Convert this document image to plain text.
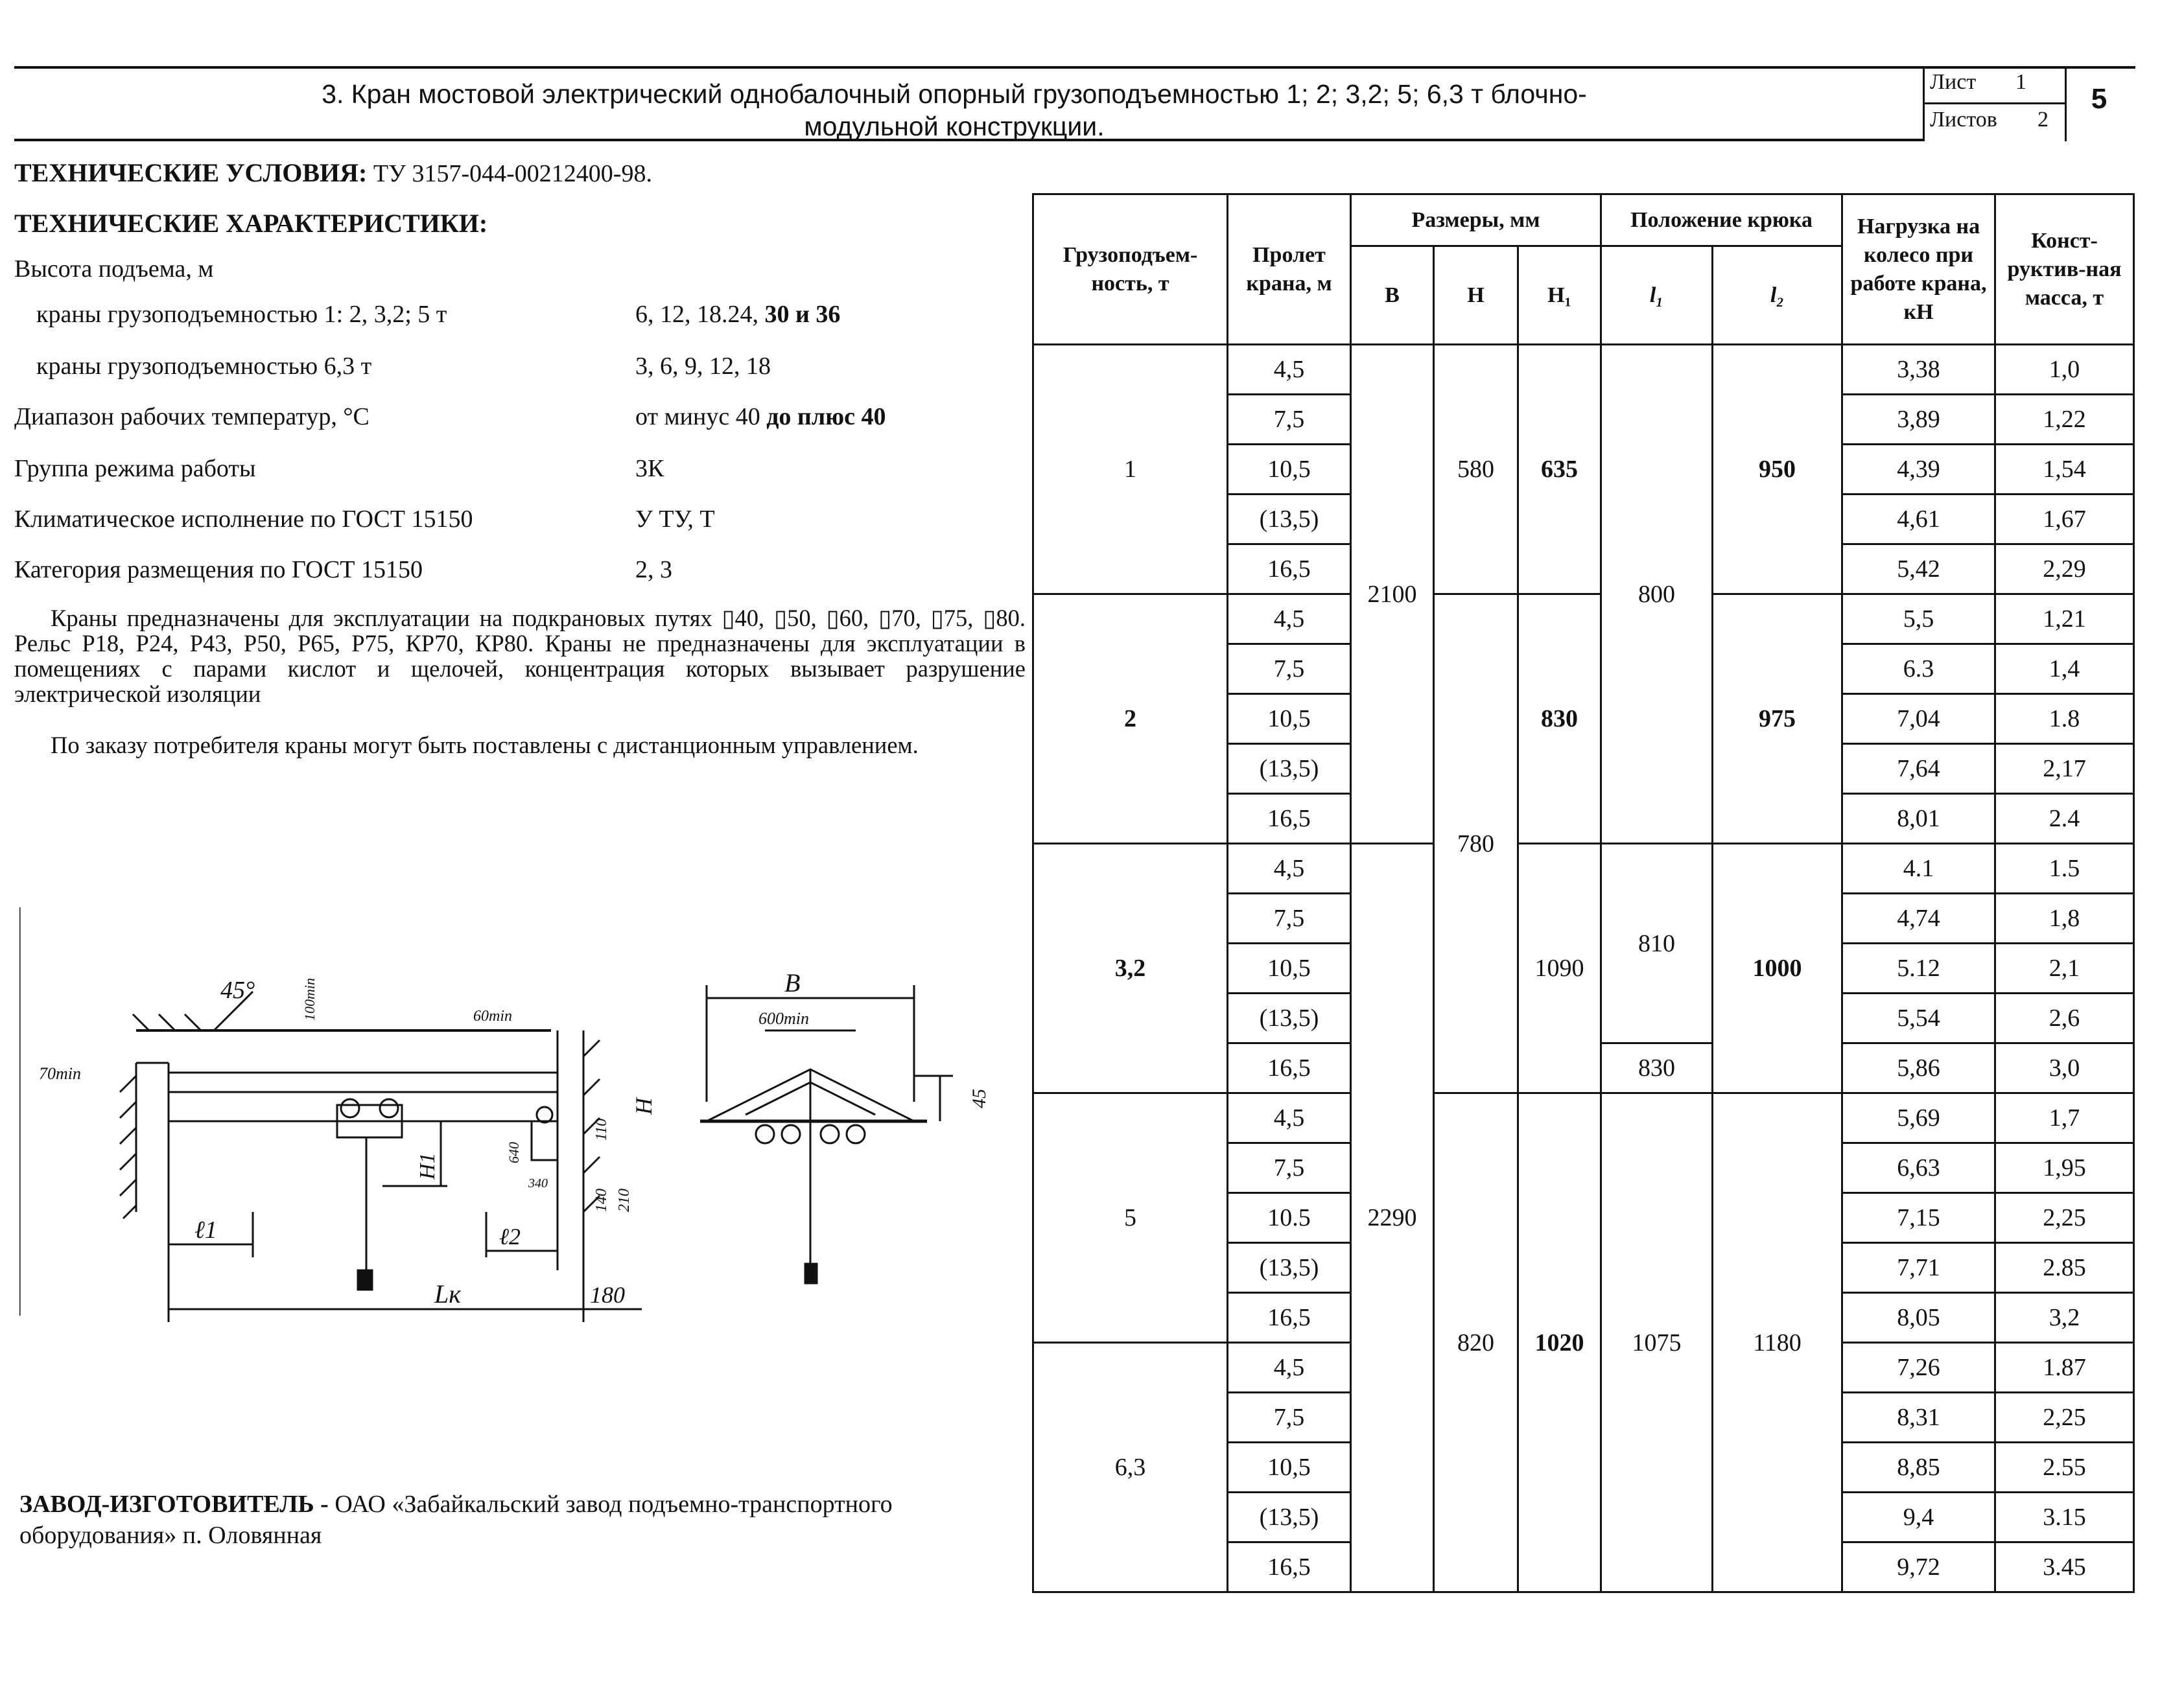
3. Кран мостовой электрический однобалочный опорный грузоподъемностью 1; 2; 3,2; 5; 6,3 т блочно-
модульной конструкции.
Лист 1
Листов 2
5
ТЕХНИЧЕСКИЕ УСЛОВИЯ: ТУ 3157-044-00212400-98.
ТЕХНИЧЕСКИЕ ХАРАКТЕРИСТИКИ:
Высота подъема, м
краны грузоподъемностью 1: 2, 3,2; 5 т	6, 12, 18.24, 30 и 36
краны грузоподъемностью 6,3 т	3, 6, 9, 12, 18
Диапазон рабочих температур, °С	от минус 40 до плюс 40
Группа режима работы	3К
Климатическое исполнение по ГОСТ 15150	У ТУ, Т
Категория размещения по ГОСТ 15150	2, 3
Краны предназначены для эксплуатации на подкрановых путях ▯40, ▯50, ▯60, ▯70, ▯75, ▯80. Рельс Р18, Р24, Р43, Р50, Р65, Р75, КР70, КР80. Краны не предназначены для эксплуатации в помещениях с парами кислот и щелочей, концентрация которых вызывает разрушение электрической изоляции
По заказу потребителя краны могут быть поставлены с дистанционным управлением.
45°	100min	60min
70min
600min
H1
H
ℓ1	ℓ2
Lк	180
B
45
110
140 210
640
340
ЗАВОД-ИЗГОТОВИТЕЛЬ - ОАО «Забайкальский завод подъемно-транспортного
оборудования» п. Оловянная
Грузоподъем-ность, т	Пролет крана, м	Размеры, мм			Положение крюка		Нагрузка на колесо при работе крана, кН	Конст-руктив-ная масса, т
		В	Н	Н₁	l₁	l₂		
1	4,5	2100	580	635	800	950	3,38	1,0
	7,5						3,89	1,22
	10,5						4,39	1,54
	(13,5)						4,61	1,67
	16,5						5,42	2,29
2	4,5		780	830		975	5,5	1,21
	7,5						6.3	1,4
	10,5						7,04	1.8
	(13,5)						7,64	2,17
	16,5						8,01	2.4
3,2	4,5	2290		1090	810	1000	4.1	1.5
	7,5						4,74	1,8
	10,5						5.12	2,1
	(13,5)						5,54	2,6
	16,5				830		5,86	3,0
5	4,5		820	1020	1075	1180	5,69	1,7
	7,5						6,63	1,95
	10.5						7,15	2,25
	(13,5)						7,71	2.85
	16,5						8,05	3,2
6,3	4,5						7,26	1.87
	7,5						8,31	2,25
	10,5						8,85	2.55
	(13,5)						9,4	3.15
	16,5						9,72	3.45
